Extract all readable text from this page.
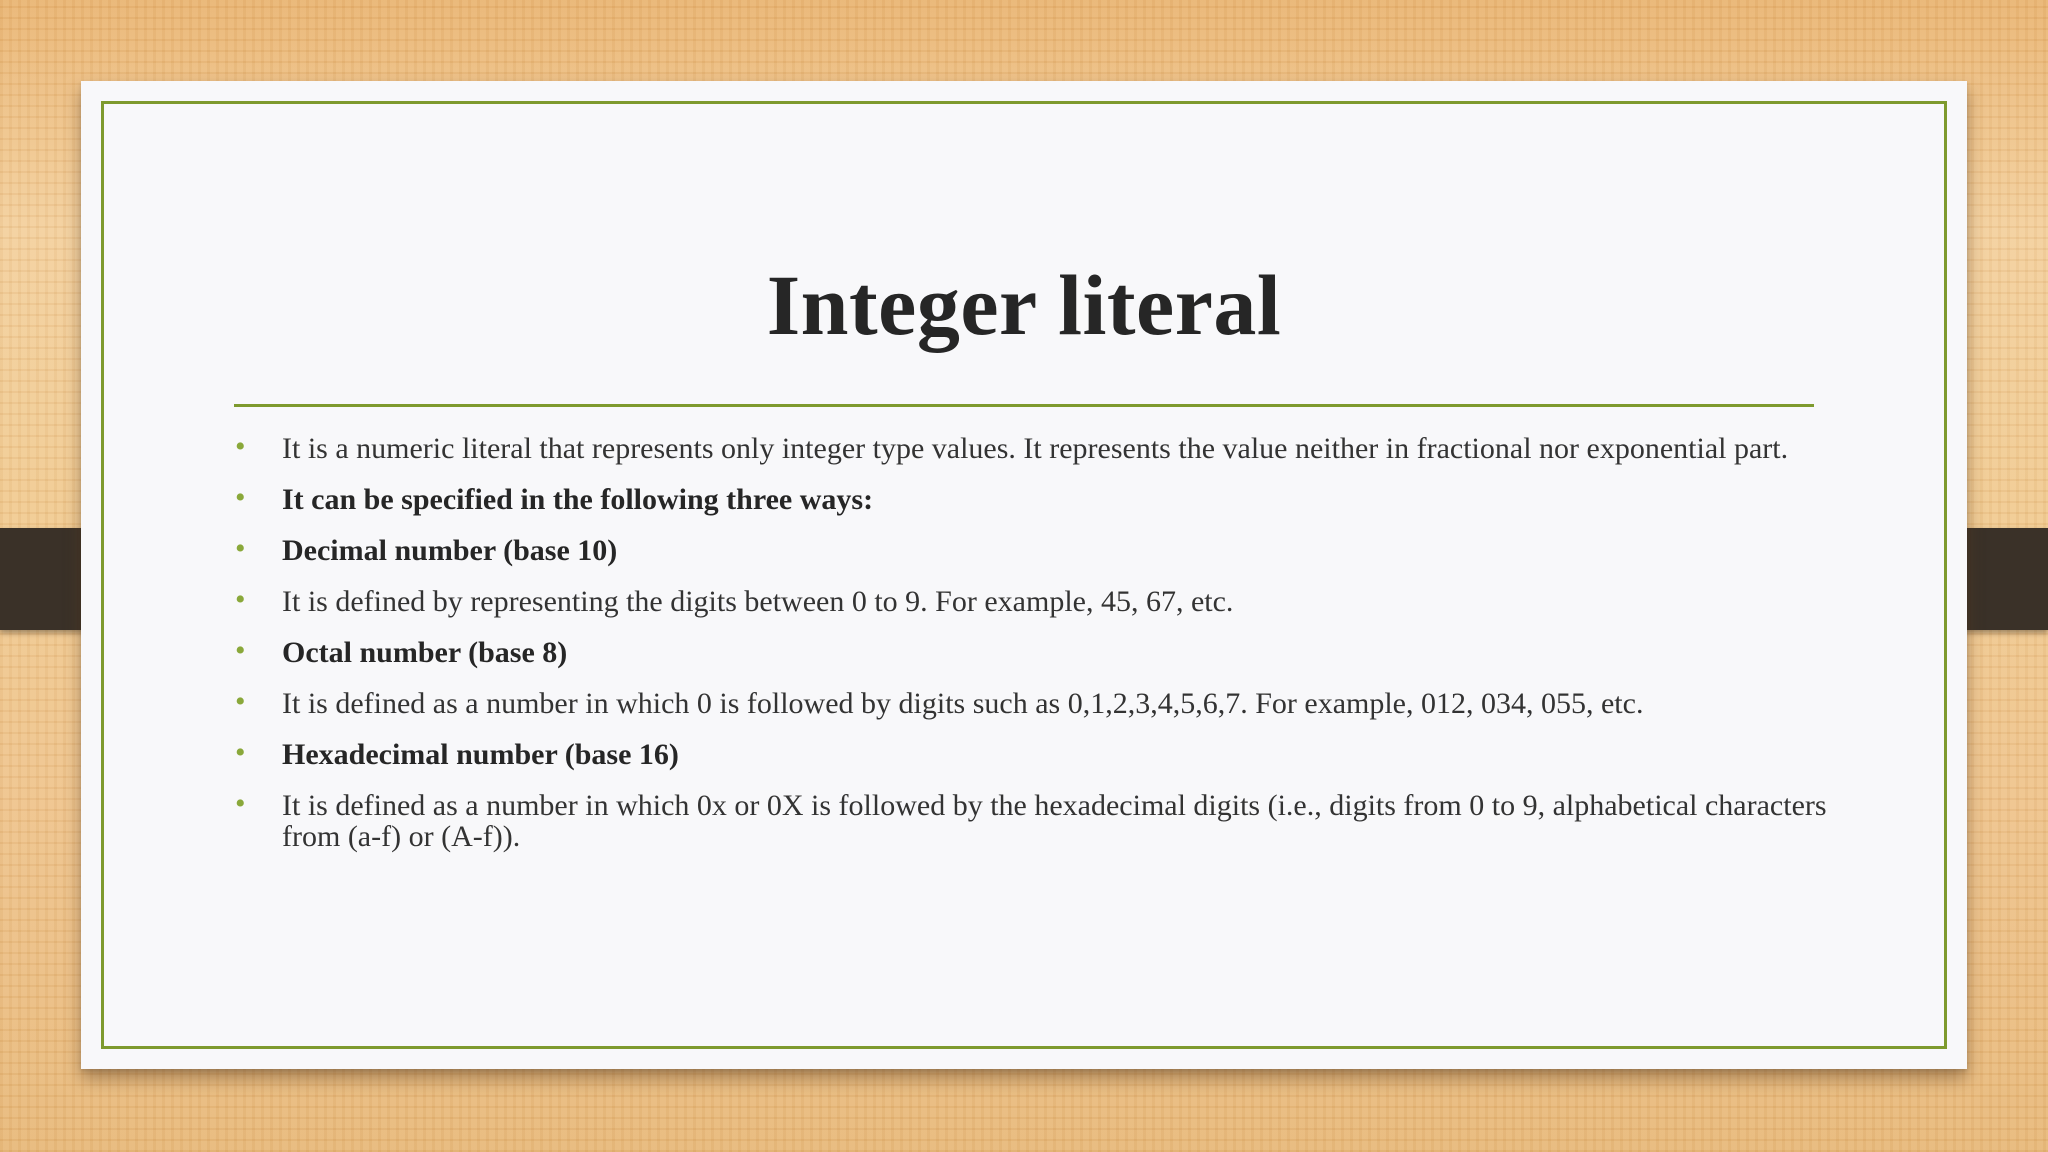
Integer literal
• It is a numeric literal that represents only integer type values. It represents the value neither in fractional nor exponential part.
• It can be specified in the following three ways:
• Decimal number (base 10)
• It is defined by representing the digits between 0 to 9. For example, 45, 67, etc.
• Octal number (base 8)
• It is defined as a number in which 0 is followed by digits such as 0,1,2,3,4,5,6,7. For example, 012, 034, 055, etc.
• Hexadecimal number (base 16)
• It is defined as a number in which 0x or 0X is followed by the hexadecimal digits (i.e., digits from 0 to 9, alphabetical characters from (a-f) or (A-f)).
